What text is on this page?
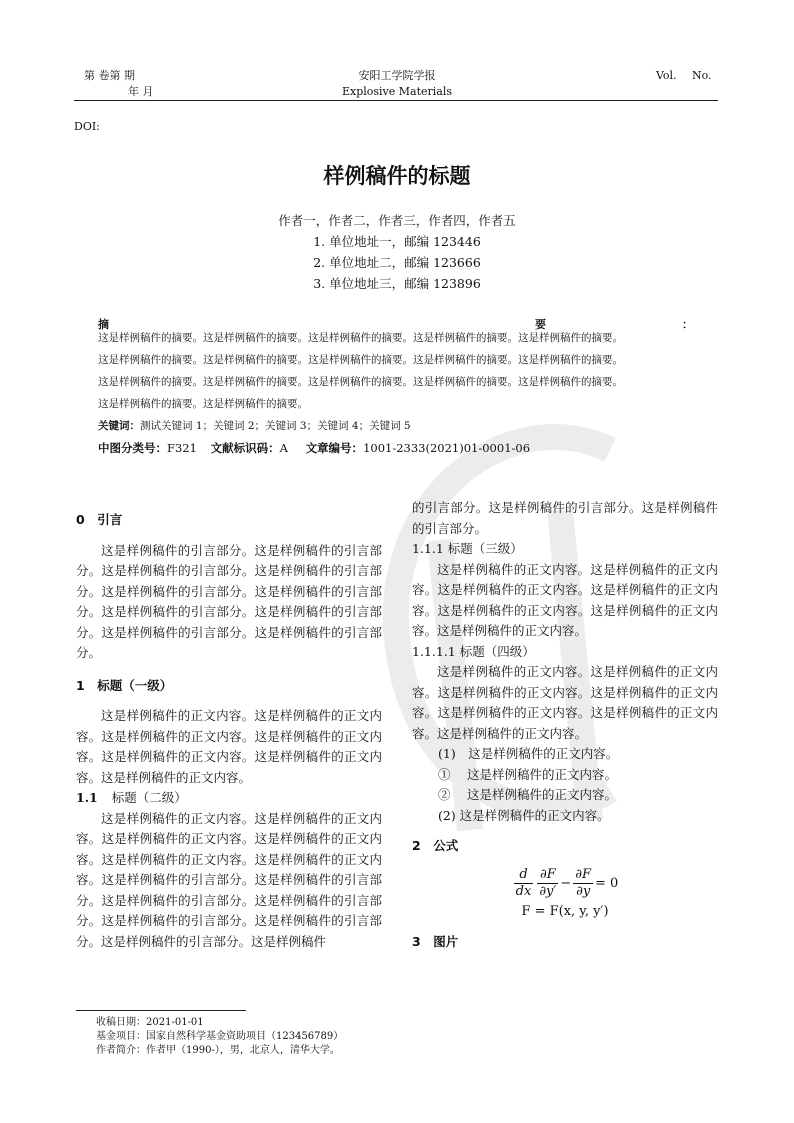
第 卷第 期
年 月
安阳工学院学报
Explosive Materials
Vol. No.
DOI:
样例稿件的标题
作者一，作者二，作者三，作者四，作者五
1. 单位地址一，邮编 123446
2. 单位地址二，邮编 123666
3. 单位地址三，邮编 123896
摘	要	：
这是样例稿件的摘要。这是样例稿件的摘要。这是样例稿件的摘要。这是样例稿件的摘要。这是样例稿件的摘要。
这是样例稿件的摘要。这是样例稿件的摘要。这是样例稿件的摘要。这是样例稿件的摘要。这是样例稿件的摘要。
这是样例稿件的摘要。这是样例稿件的摘要。这是样例稿件的摘要。这是样例稿件的摘要。这是样例稿件的摘要。
这是样例稿件的摘要。这是样例稿件的摘要。
关键词：测试关键词 1；关键词 2；关键词 3；关键词 4；关键词 5
中图分类号：F321 文献标识码：A 文章编号：1001-2333(2021)01-0001-06
0　引言

这是样例稿件的引言部分。这是样例稿件的引言部分。这是样例稿件的引言部分。这是样例稿件的引言部分。这是样例稿件的引言部分。这是样例稿件的引言部分。这是样例稿件的引言部分。这是样例稿件的引言部分。这是样例稿件的引言部分。这是样例稿件的引言部分。

1　标题（一级）

这是样例稿件的正文内容。这是样例稿件的正文内容。这是样例稿件的正文内容。这是样例稿件的正文内容。这是样例稿件的正文内容。这是样例稿件的正文内容。这是样例稿件的正文内容。

1.1 标题（二级）

这是样例稿件的正文内容。这是样例稿件的正文内容。这是样例稿件的正文内容。这是样例稿件的正文内容。这是样例稿件的正文内容。这是样例稿件的正文内容。这是样例稿件的引言部分。这是样例稿件的引言部分。这是样例稿件的引言部分。这是样例稿件的引言部分。这是样例稿件的引言部分。这是样例稿件的引言部分。这是样例稿件的引言部分。这是样例稿件

的引言部分。这是样例稿件的引言部分。这是样例稿件的引言部分。
1.1.1 标题（三级）

这是样例稿件的正文内容。这是样例稿件的正文内容。这是样例稿件的正文内容。这是样例稿件的正文内容。这是样例稿件的正文内容。这是样例稿件的正文内容。这是样例稿件的正文内容。

1.1.1.1 标题（四级）

这是样例稿件的正文内容。这是样例稿件的正文内容。这是样例稿件的正文内容。这是样例稿件的正文内容。这是样例稿件的正文内容。这是样例稿件的正文内容。这是样例稿件的正文内容。

(1)　这是样例稿件的正文内容。
①　 这是样例稿件的正文内容。
②　 这是样例稿件的正文内容。
(2) 这是样例稿件的正文内容。
2　公式
$\frac{d}{dx} \frac{\partial F}{\partial y'} - \frac{\partial F}{\partial y} = 0$
F = F(x, y, y′)
3　图片
收稿日期：2021-01-01
基金项目：国家自然科学基金资助项目（123456789）
作者简介：作者甲（1990-），男，北京人，清华大学。
